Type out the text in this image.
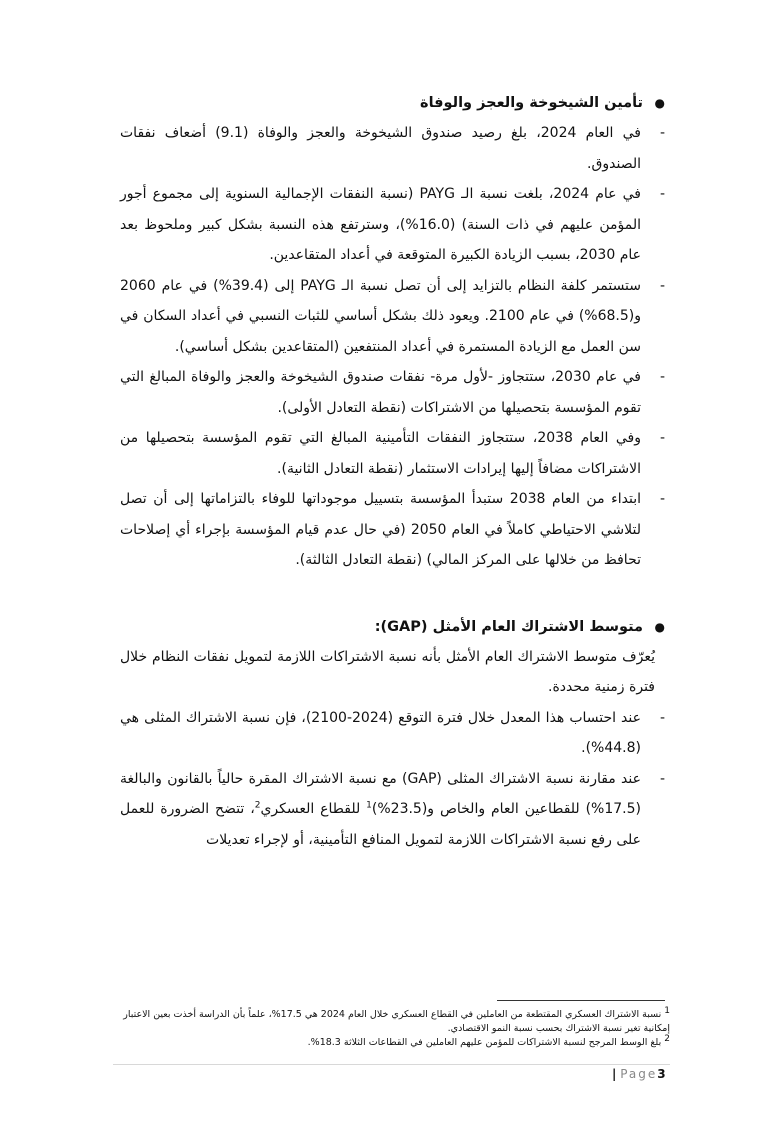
●
تأمين الشيخوخة والعجز والوفاة
-
في العام 2024، بلغ رصيد صندوق الشيخوخة والعجز والوفاة (9.1) أضعاف نفقات الصندوق.
-
في عام 2024، بلغت نسبة الـ PAYG (نسبة النفقات الإجمالية السنوية إلى مجموع أجور المؤمن عليهم في ذات السنة) (16.0%)، وسترتفع هذه النسبة بشكل كبير وملحوظ بعد عام 2030، بسبب الزيادة الكبيرة المتوقعة في أعداد المتقاعدين.
-
ستستمر كلفة النظام بالتزايد إلى أن تصل نسبة الـ PAYG إلى (39.4%) في عام 2060 و(68.5%) في عام 2100. ويعود ذلك بشكل أساسي للثبات النسبي في أعداد السكان في سن العمل مع الزيادة المستمرة في أعداد المنتفعين (المتقاعدين بشكل أساسي).
-
في عام 2030، ستتجاوز -لأول مرة- نفقات صندوق الشيخوخة والعجز والوفاة المبالغ التي تقوم المؤسسة بتحصيلها من الاشتراكات (نقطة التعادل الأولى).
-
وفي العام 2038، ستتجاوز النفقات التأمينية المبالغ التي تقوم المؤسسة بتحصيلها من الاشتراكات مضافاً إليها إيرادات الاستثمار (نقطة التعادل الثانية).
-
ابتداء من العام 2038 ستبدأ المؤسسة بتسييل موجوداتها للوفاء بالتزاماتها إلى أن تصل لتلاشي الاحتياطي كاملاً في العام 2050 (في حال عدم قيام المؤسسة بإجراء أي إصلاحات تحافظ من خلالها على المركز المالي) (نقطة التعادل الثالثة).
●
متوسط الاشتراك العام الأمثل (GAP):

يُعرّف متوسط الاشتراك العام الأمثل بأنه نسبة الاشتراكات اللازمة لتمويل نفقات النظام خلال فترة زمنية محددة.

-
عند احتساب هذا المعدل خلال فترة التوقع (2024-2100)، فإن نسبة الاشتراك المثلى هي (44.8%).
-
عند مقارنة نسبة الاشتراك المثلى (GAP) مع نسبة الاشتراك المقرة حالياً بالقانون والبالغة (17.5%) للقطاعين العام والخاص $و(23.5\%)^1$ للقطاع العسكري$^2$، تتضح الضرورة للعمل على رفع نسبة الاشتراكات اللازمة لتمويل المنافع التأمينية، أو لإجراء تعديلات

$^1$ نسبة الاشتراك العسكري المقتطعة من العاملين في القطاع العسكري خلال العام 2024 هي 17.5%، علماً بأن الدراسة أخذت بعين الاعتبار إمكانية تغير نسبة الاشتراك بحسب نسبة النمو الاقتصادي.

$^2$ بلغ الوسط المرجح لنسبة الاشتراكات للمؤمن عليهم العاملين في القطاعات الثلاثة 18.3%.

| Page3
